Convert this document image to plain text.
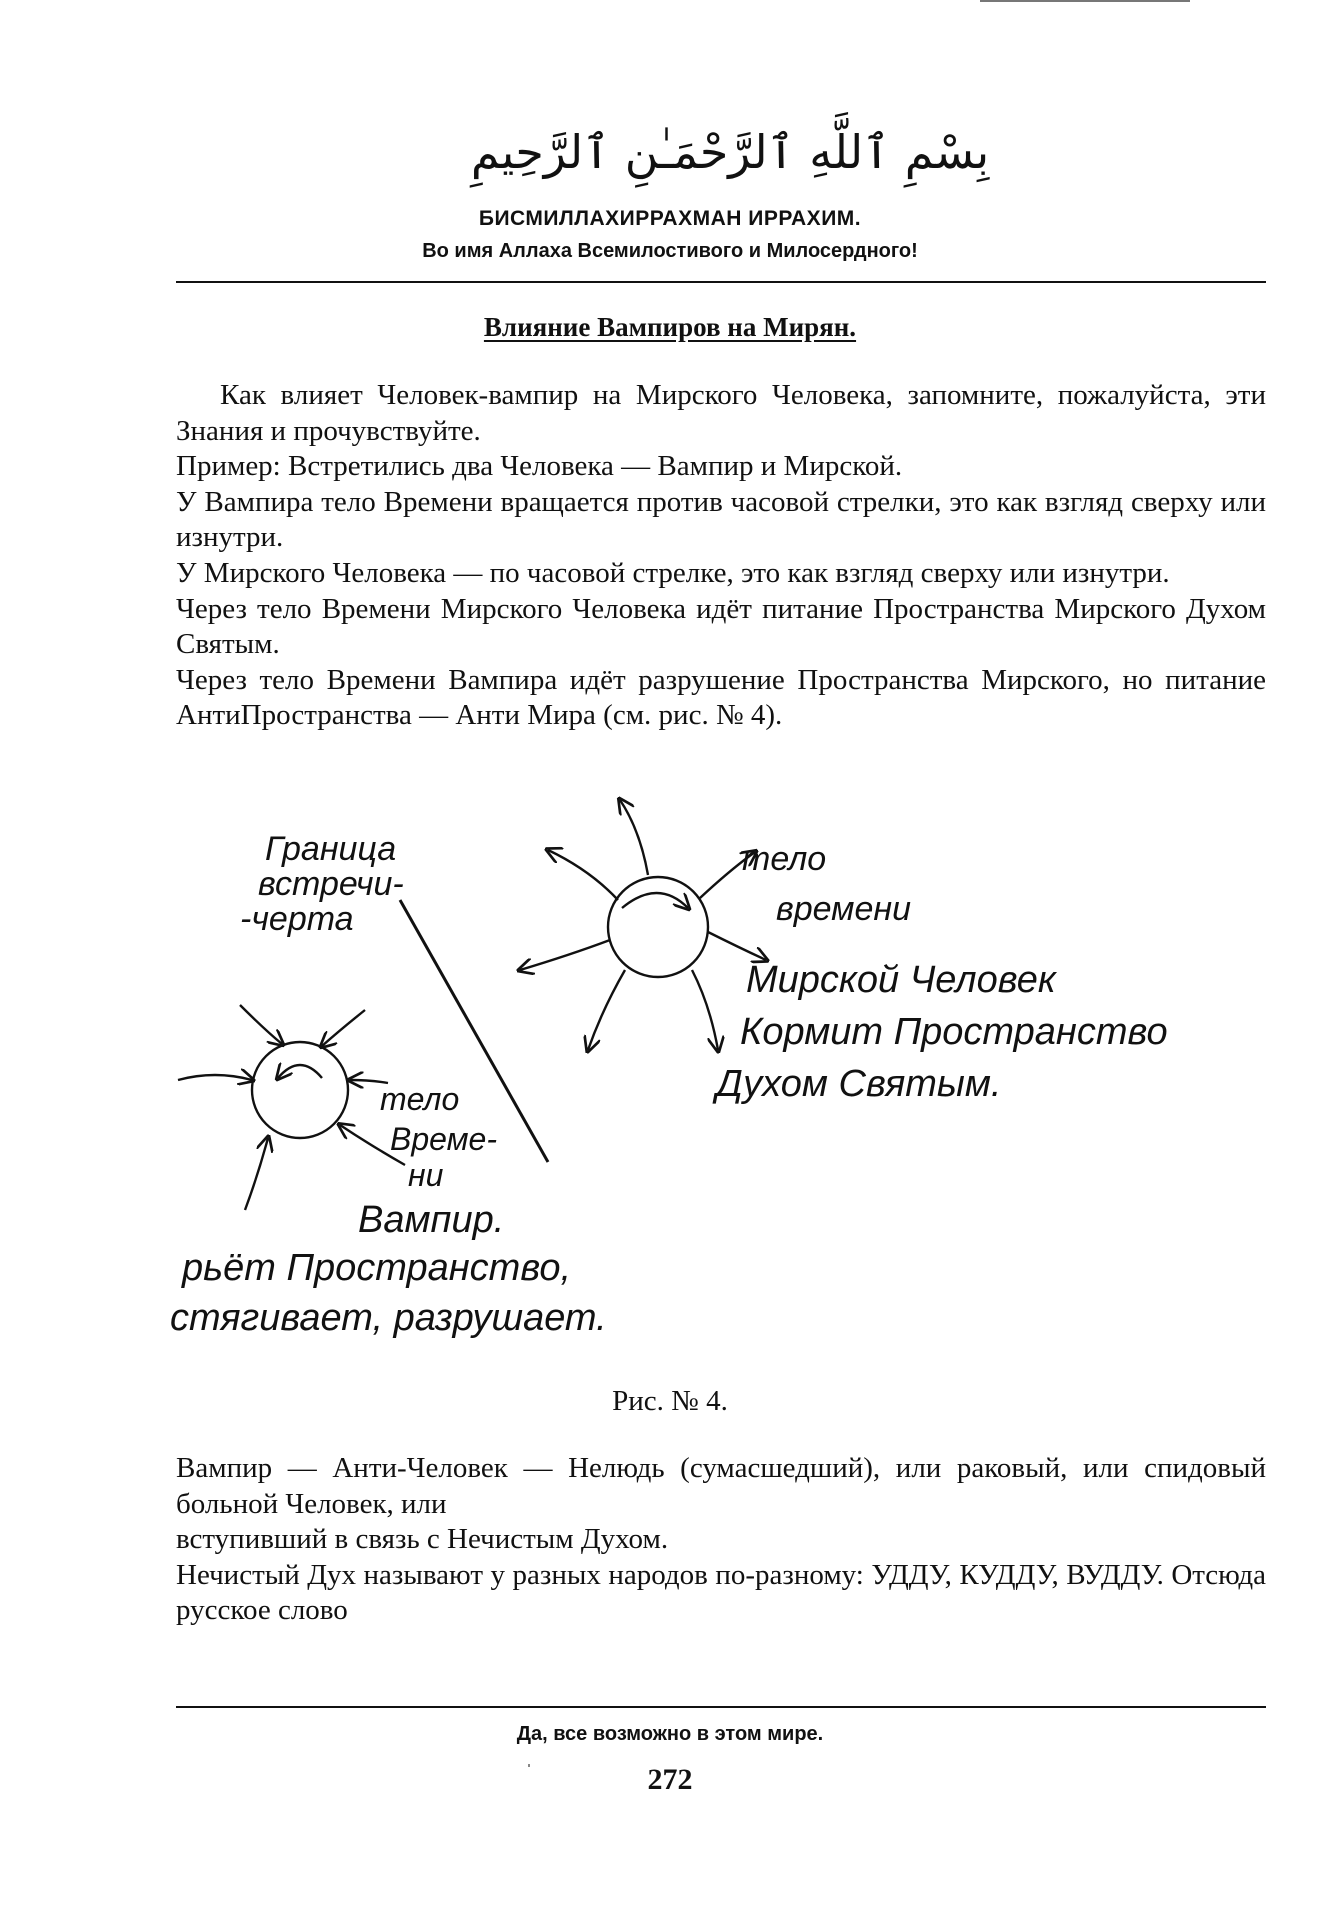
بِسْمِ ٱللَّهِ ٱلرَّحْمَـٰنِ ٱلرَّحِيمِ
БИСМИЛЛАХИРРАХМАН ИРРАХИМ.
Во имя Аллаха Всемилостивого и Милосердного!
Влияние Вампиров на Мирян.

Как влияет Человек-вампир на Мирского Человека, запомните, пожалуйста, эти Знания и прочувствуйте.

Пример: Встретились два Человека — Вампир и Мирской.

У Вампира тело Времени вращается против часовой стрелки, это как взгляд сверху или изнутри.

У Мирского Человека — по часовой стрелке, это как взгляд сверху или изнутри.

Через тело Времени Мирского Человека идёт питание Пространства Мирского Духом Святым.

Через тело Времени Вампира идёт разрушение Пространства Мирского, но питание АнтиПространства — Анти Мира (см. рис. № 4).

Граница
встречи-
-черта
тело
времени
Мирской Человек
Кормит Пространство
Духом Святым.
тело
Време-
ни
Вампир.
рьёт Пространство,
стягивает, разрушает.
Рис. № 4.

Вампир — Анти-Человек — Нелюдь (сумасшедший), или раковый, или спидовый больной Человек, или

вступивший в связь с Нечистым Духом.

Нечистый Дух называют у разных народов по-разному: УДДУ, КУДДУ, ВУДДУ. Отсюда русское слово

Да, все возможно в этом мире.
272
